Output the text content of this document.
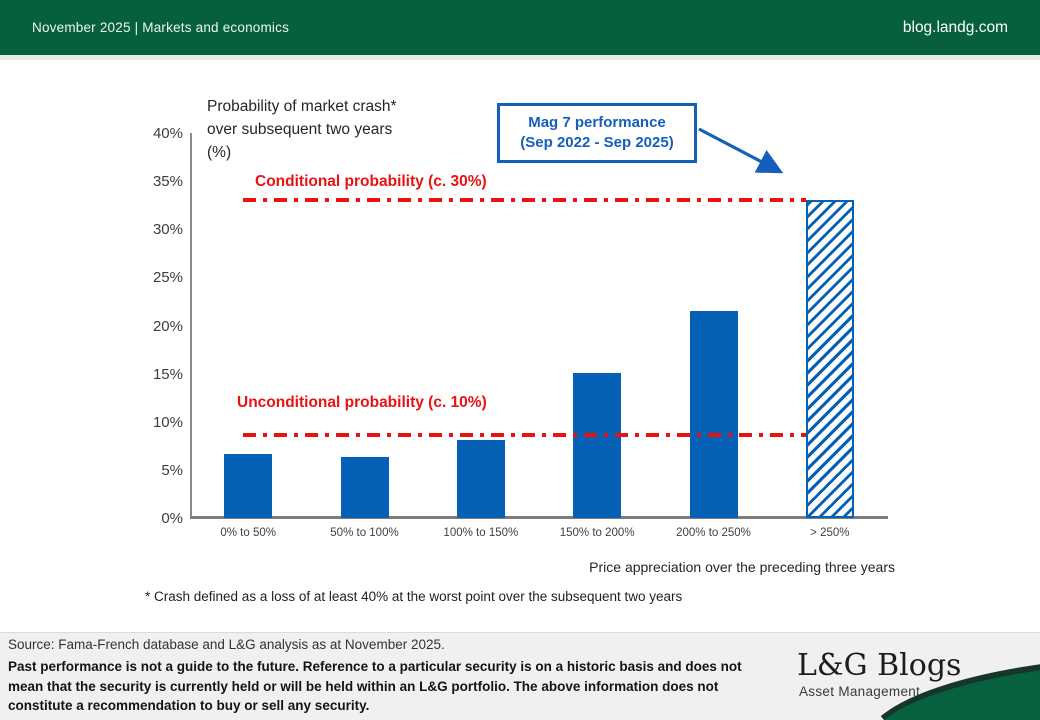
November 2025 | Markets and economics	blog.landg.com
Probability of market crash* over subsequent two years (%)
Mag 7 performance
(Sep 2022 - Sep 2025)
0%
5%
10%
15%
20%
25%
30%
35%
40%
Conditional probability (c. 30%)
Unconditional probability (c. 10%)
0% to 50%	50% to 100%	100% to 150%	150% to 200%	200% to 250%	> 250%
Price appreciation over the preceding three years
* Crash defined as a loss of at least 40% at the worst point over the subsequent two years
Source: Fama-French database and L&G analysis as at November 2025.
Past performance is not a guide to the future. Reference to a particular security is on a historic basis and does not mean that the security is currently held or will be held within an L&G portfolio. The above information does not constitute a recommendation to buy or sell any security.
L&G Blogs
Asset Management
